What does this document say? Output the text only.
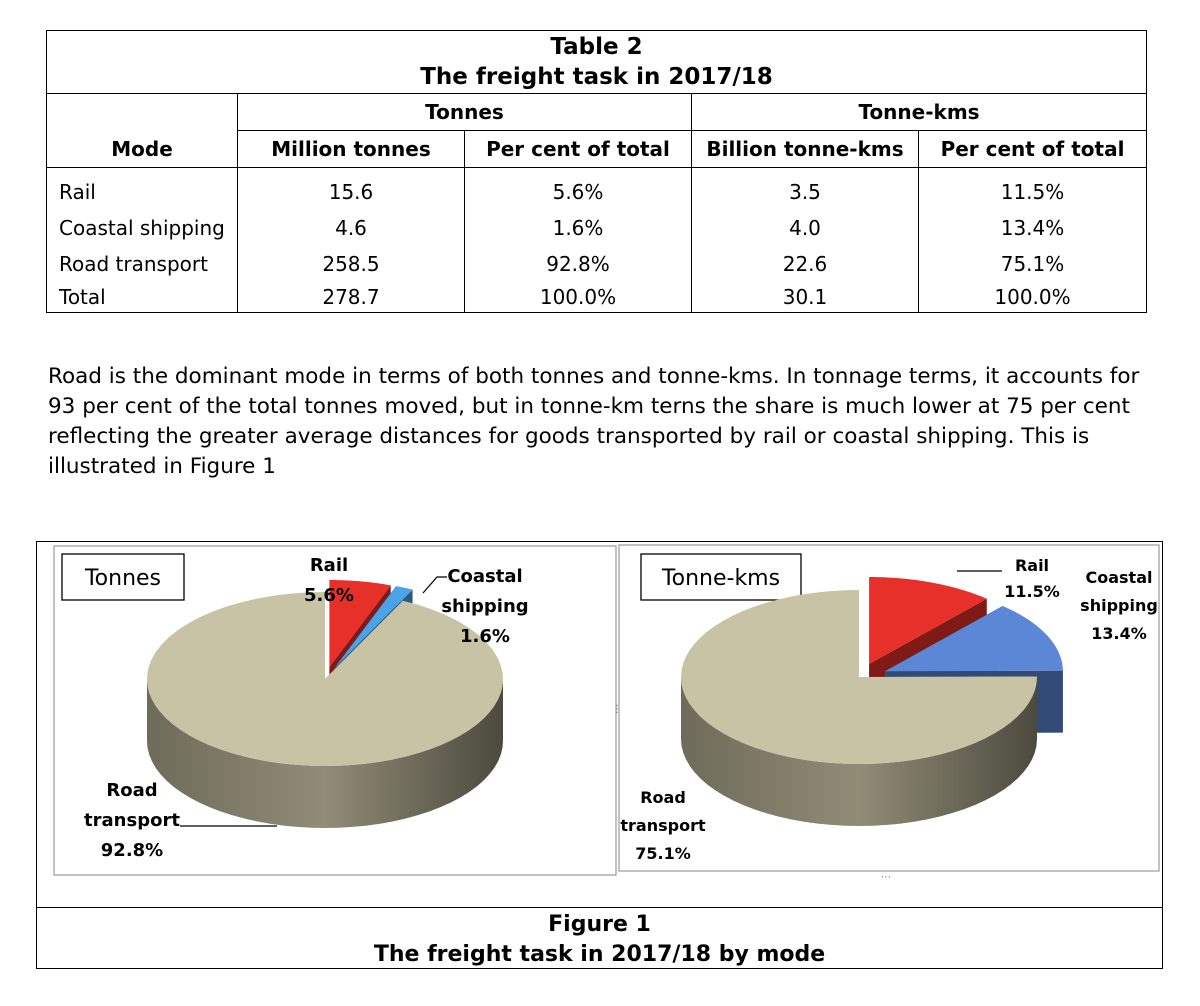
Table 2
The freight task in 2017/18				

	Tonnes		Tonne-kms	
Mode	Million tonnes	Per cent of total	Billion tonne-kms	Per cent of total
Rail	15.6	5.6%	3.5	11.5%
Coastal shipping	4.6	1.6%	4.0	13.4%
Road transport	258.5	92.8%	22.6	75.1%
Total	278.7	100.0%	30.1	100.0%

Road is the dominant mode in terms of both tonnes and tonne-kms. In tonnage terms, it accounts for 93 per cent of the total tonnes moved, but in tonne-km terns the share is much lower at 75 per cent reflecting the greater average distances for goods transported by rail or coastal shipping. This is illustrated in Figure 1

Tonnes	Tonne-kms
Rail
5.6%
Coastal
shipping
1.6%
Road
transport
92.8%
Rail
11.5%
Coastal
shipping
13.4%
Road
transport
75.1%
⋮
⋯
Figure 1
The freight task in 2017/18 by mode
